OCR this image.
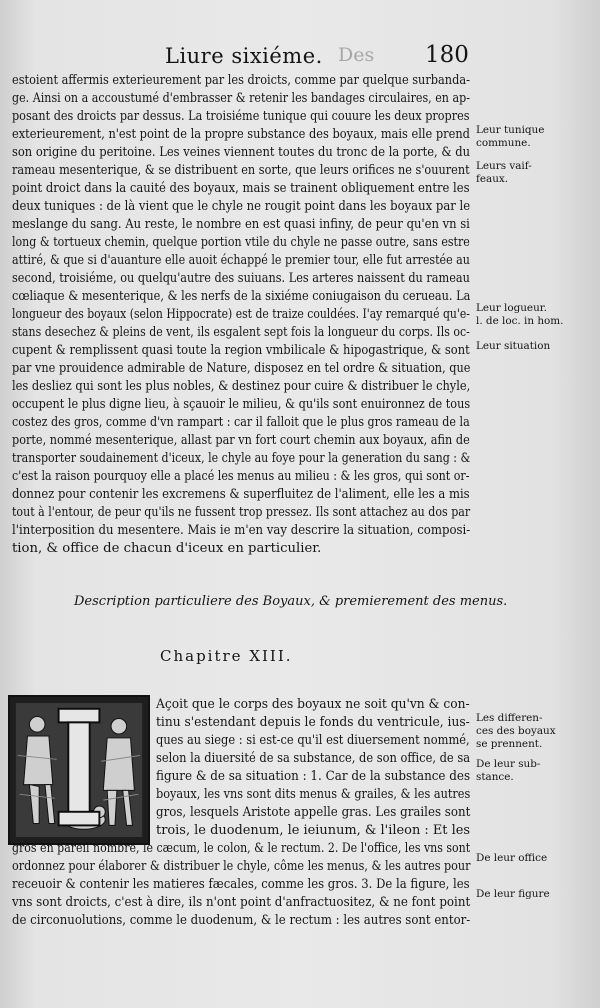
Liure sixiéme. D​e​s 180
estoient affermis exterieurement par les droicts, comme par quelque surbanda-
ge. Ainsi on a accoustumé d'embrasser & retenir les bandages circulaires, en ap-
posant des droicts par dessus. La troisiéme tunique qui couure les deux propres
exterieurement, n'est point de la propre substance des boyaux, mais elle prend
son origine du peritoine. Les veines viennent toutes du tronc de la porte, & du
rameau mesenterique, & se distribuent en sorte, que leurs orifices ne s'ouurent
point droict dans la cauité des boyaux, mais se trainent obliquement entre les
deux tuniques : de là vient que le chyle ne rougit point dans les boyaux par le
meslange du sang. Au reste, le nombre en est quasi infiny, de peur qu'en vn si
long & tortueux chemin, quelque portion vtile du chyle ne passe outre, sans estre
attiré, & que si d'auanture elle auoit échappé le premier tour, elle fut arrestée au
second, troisiéme, ou quelqu'autre des suiuans. Les arteres naissent du rameau
cœliaque & mesenterique, & les nerfs de la sixiéme coniugaison du cerueau. La
longueur des boyaux (selon Hippocrate) est de traize couldées. I'ay remarqué qu'e-
stans desechez & pleins de vent, ils esgalent sept fois la longueur du corps. Ils oc-
cupent & remplissent quasi toute la region vmbilicale & hipogastrique, & sont
par vne prouidence admirable de Nature, disposez en tel ordre & situation, que
les desliez qui sont les plus nobles, & destinez pour cuire & distribuer le chyle,
occupent le plus digne lieu, à sçauoir le milieu, & qu'ils sont enuironnez de tous
costez des gros, comme d'vn rampart : car il falloit que le plus gros rameau de la
porte, nommé mesenterique, allast par vn fort court chemin aux boyaux, afin de
transporter soudainement d'iceux, le chyle au foye pour la generation du sang : &
c'est la raison pourquoy elle a placé les menus au milieu : & les gros, qui sont or-
donnez pour contenir les excremens & superfluitez de l'aliment, elle les a mis
tout à l'entour, de peur qu'ils ne fussent trop pressez. Ils sont attachez au dos par
l'interposition du mesentere. Mais ie m'en vay descrire la situation, composi-
tion, & office de chacun d'iceux en particulier.
Leur tunique
commune.
Leurs vaif-
feaux.
Leur logueur.
l. de loc. in hom.
Leur situation
Les differen-
ces des boyaux
se prennent.
De leur sub-
stance.
De leur office
De leur figure
Description particuliere des Boyaux, & premierement des menus.
Chapitre XIII.
I
Açoit que le corps des boyaux ne soit qu'vn & con-
tinu s'estendant depuis le fonds du ventricule, ius-
ques au siege : si est-ce qu'il est diuersement nommé,
selon la diuersité de sa substance, de son office, de sa
figure & de sa situation : 1. Car de la substance des
boyaux, les vns sont dits menus & grailes, & les autres
gros, lesquels Aristote appelle gras. Les grailes sont
trois, le duodenum, le ieiunum, & l'ileon : Et les
gros en pareil nombre, le cæcum, le colon, & le rectum. 2. De l'office, les vns sont
ordonnez pour élaborer & distribuer le chyle, côme les menus, & les autres pour
receuoir & contenir les matieres fæcales, comme les gros. 3. De la figure, les
vns sont droicts, c'est à dire, ils n'ont point d'anfractuositez, & ne font point
de circonuolutions, comme le duodenum, & le rectum : les autres sont entor-
